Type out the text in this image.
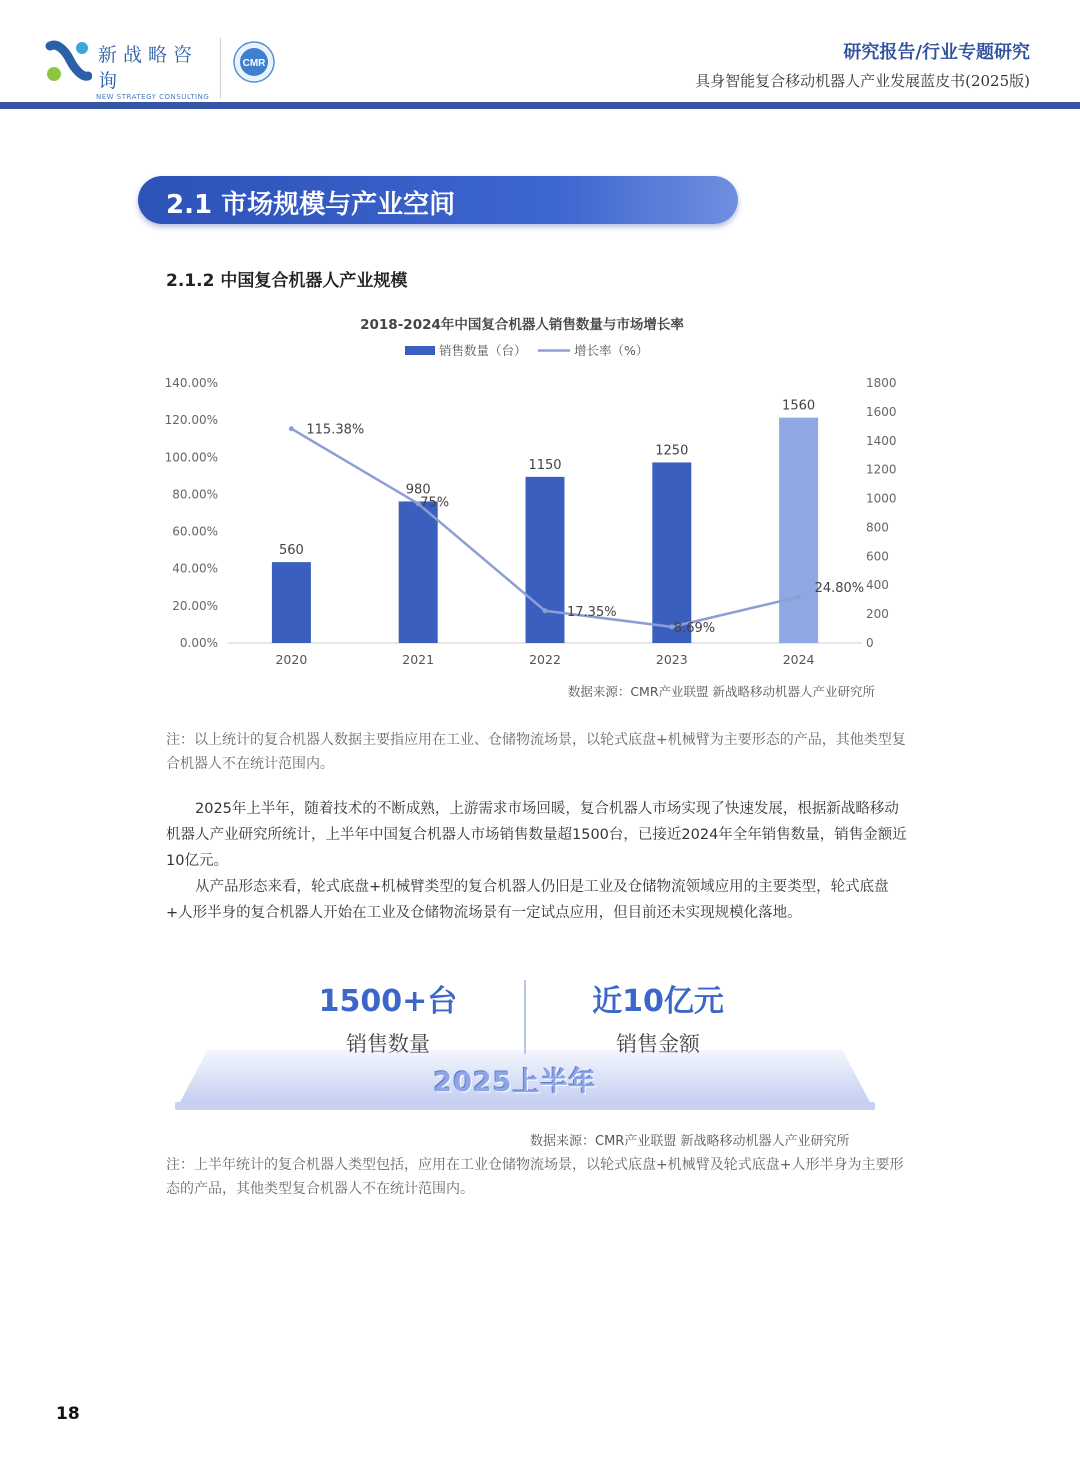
新战略咨询
NEW STRATEGY CONSULTING
CMR
研究报告/行业专题研究
具身智能复合移动机器人产业发展蓝皮书(2025版)
2.1 市场规模与产业空间
2.1.2 中国复合机器人产业规模
2018-2024年中国复合机器人销售数量与市场增长率
销售数量（台）	增长率（%）
0.00%
20.00%
40.00%
60.00%
80.00%
100.00%
120.00%
140.00%
0
200
400
600
800
1000
1200
1400
1600
1800
560
980
1150
1250
1560
2020	2021	2022	2023	2024
115.38%
75%
17.35%
8.69%
24.80%
数据来源：CMR产业联盟 新战略移动机器人产业研究所
注：以上统计的复合机器人数据主要指应用在工业、仓储物流场景，以轮式底盘+机械臂为主要形态的产品，其他类型复合机器人不在统计范围内。

2025年上半年，随着技术的不断成熟，上游需求市场回暖，复合机器人市场实现了快速发展，根据新战略移动机器人产业研究所统计，上半年中国复合机器人市场销售数量超1500台，已接近2024年全年销售数量，销售金额近10亿元。

从产品形态来看，轮式底盘+机械臂类型的复合机器人仍旧是工业及仓储物流领域应用的主要类型，轮式底盘+人形半身的复合机器人开始在工业及仓储物流场景有一定试点应用，但目前还未实现规模化落地。

2025上半年
1500+台
销售数量
近10亿元
销售金额
数据来源：CMR产业联盟 新战略移动机器人产业研究所
注：上半年统计的复合机器人类型包括，应用在工业仓储物流场景，以轮式底盘+机械臂及轮式底盘+人形半身为主要形态的产品，其他类型复合机器人不在统计范围内。
18
